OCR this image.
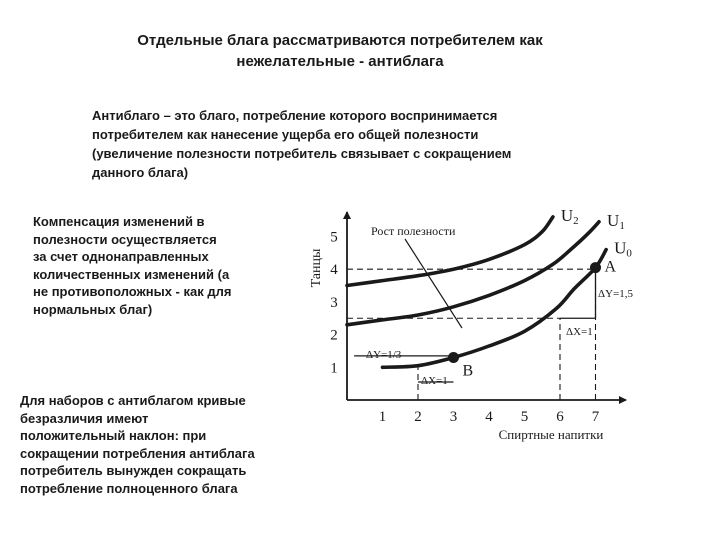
Отдельные блага рассматриваются потребителем как
нежелательные - антиблага
Антиблаго – это благо, потребление которого воспринимается
потребителем как нанесение ущерба его общей полезности
(увеличение полезности потребитель связывает с сокращением
данного блага)
Компенсация изменений в
полезности осуществляется
за счет однонаправленных
количественных изменений (а
не противоположных - как для
нормальных благ)
Для наборов с антиблагом кривые
безразличия имеют
положительный наклон: при
сокращении потребления антиблага
потребитель вынужден сокращать
потребление полноценного блага
Танцы
Спиртные напитки
1 2 3 4 5 6 7
1
2
3
4
5
U0
U1
U2
A
B
Рост полезности
ΔY=1,5
ΔX=1
ΔY=1/3
ΔX=1
